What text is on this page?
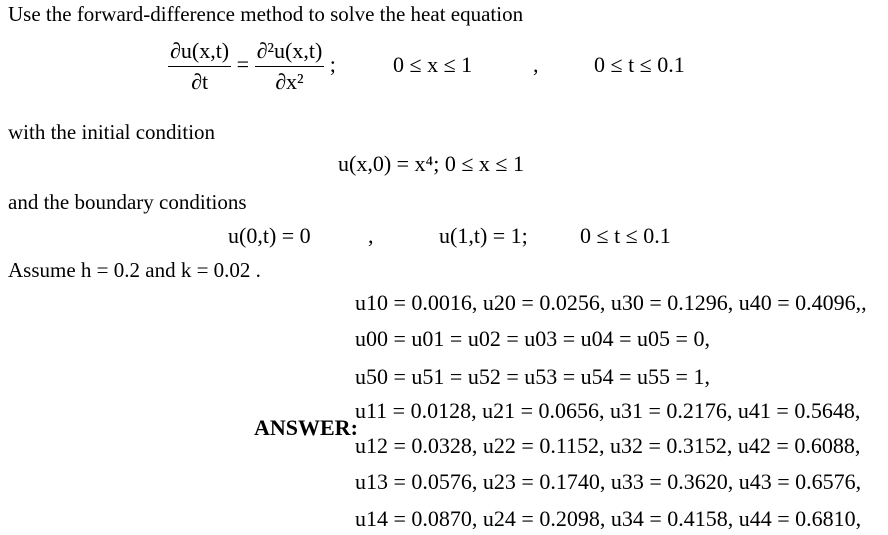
Use the forward-difference method to solve the heat equation
$\frac{\partial u(x,t)}{\partial t} = \frac{\text{∂²u(x,t)}}{\text{∂x²}}$ ;	0 ≤ x ≤ 1	,	0 ≤ t ≤ 0.1
with the initial condition
u(x,0) = x⁴; 0 ≤ x ≤ 1
and the boundary conditions
u(0,t) = 0	,	u(1,t) = 1; 0 ≤ t ≤ 0.1
Assume h = 0.2 and k = 0.02 .
ANSWER:
u10 = 0.0016, u20 = 0.0256, u30 = 0.1296, u40 = 0.4096,,
u00 = u01 = u02 = u03 = u04 = u05 = 0,
u50 = u51 = u52 = u53 = u54 = u55 = 1,
u11 = 0.0128, u21 = 0.0656, u31 = 0.2176, u41 = 0.5648,
u12 = 0.0328, u22 = 0.1152, u32 = 0.3152, u42 = 0.6088,
u13 = 0.0576, u23 = 0.1740, u33 = 0.3620, u43 = 0.6576,
u14 = 0.0870, u24 = 0.2098, u34 = 0.4158, u44 = 0.6810,
